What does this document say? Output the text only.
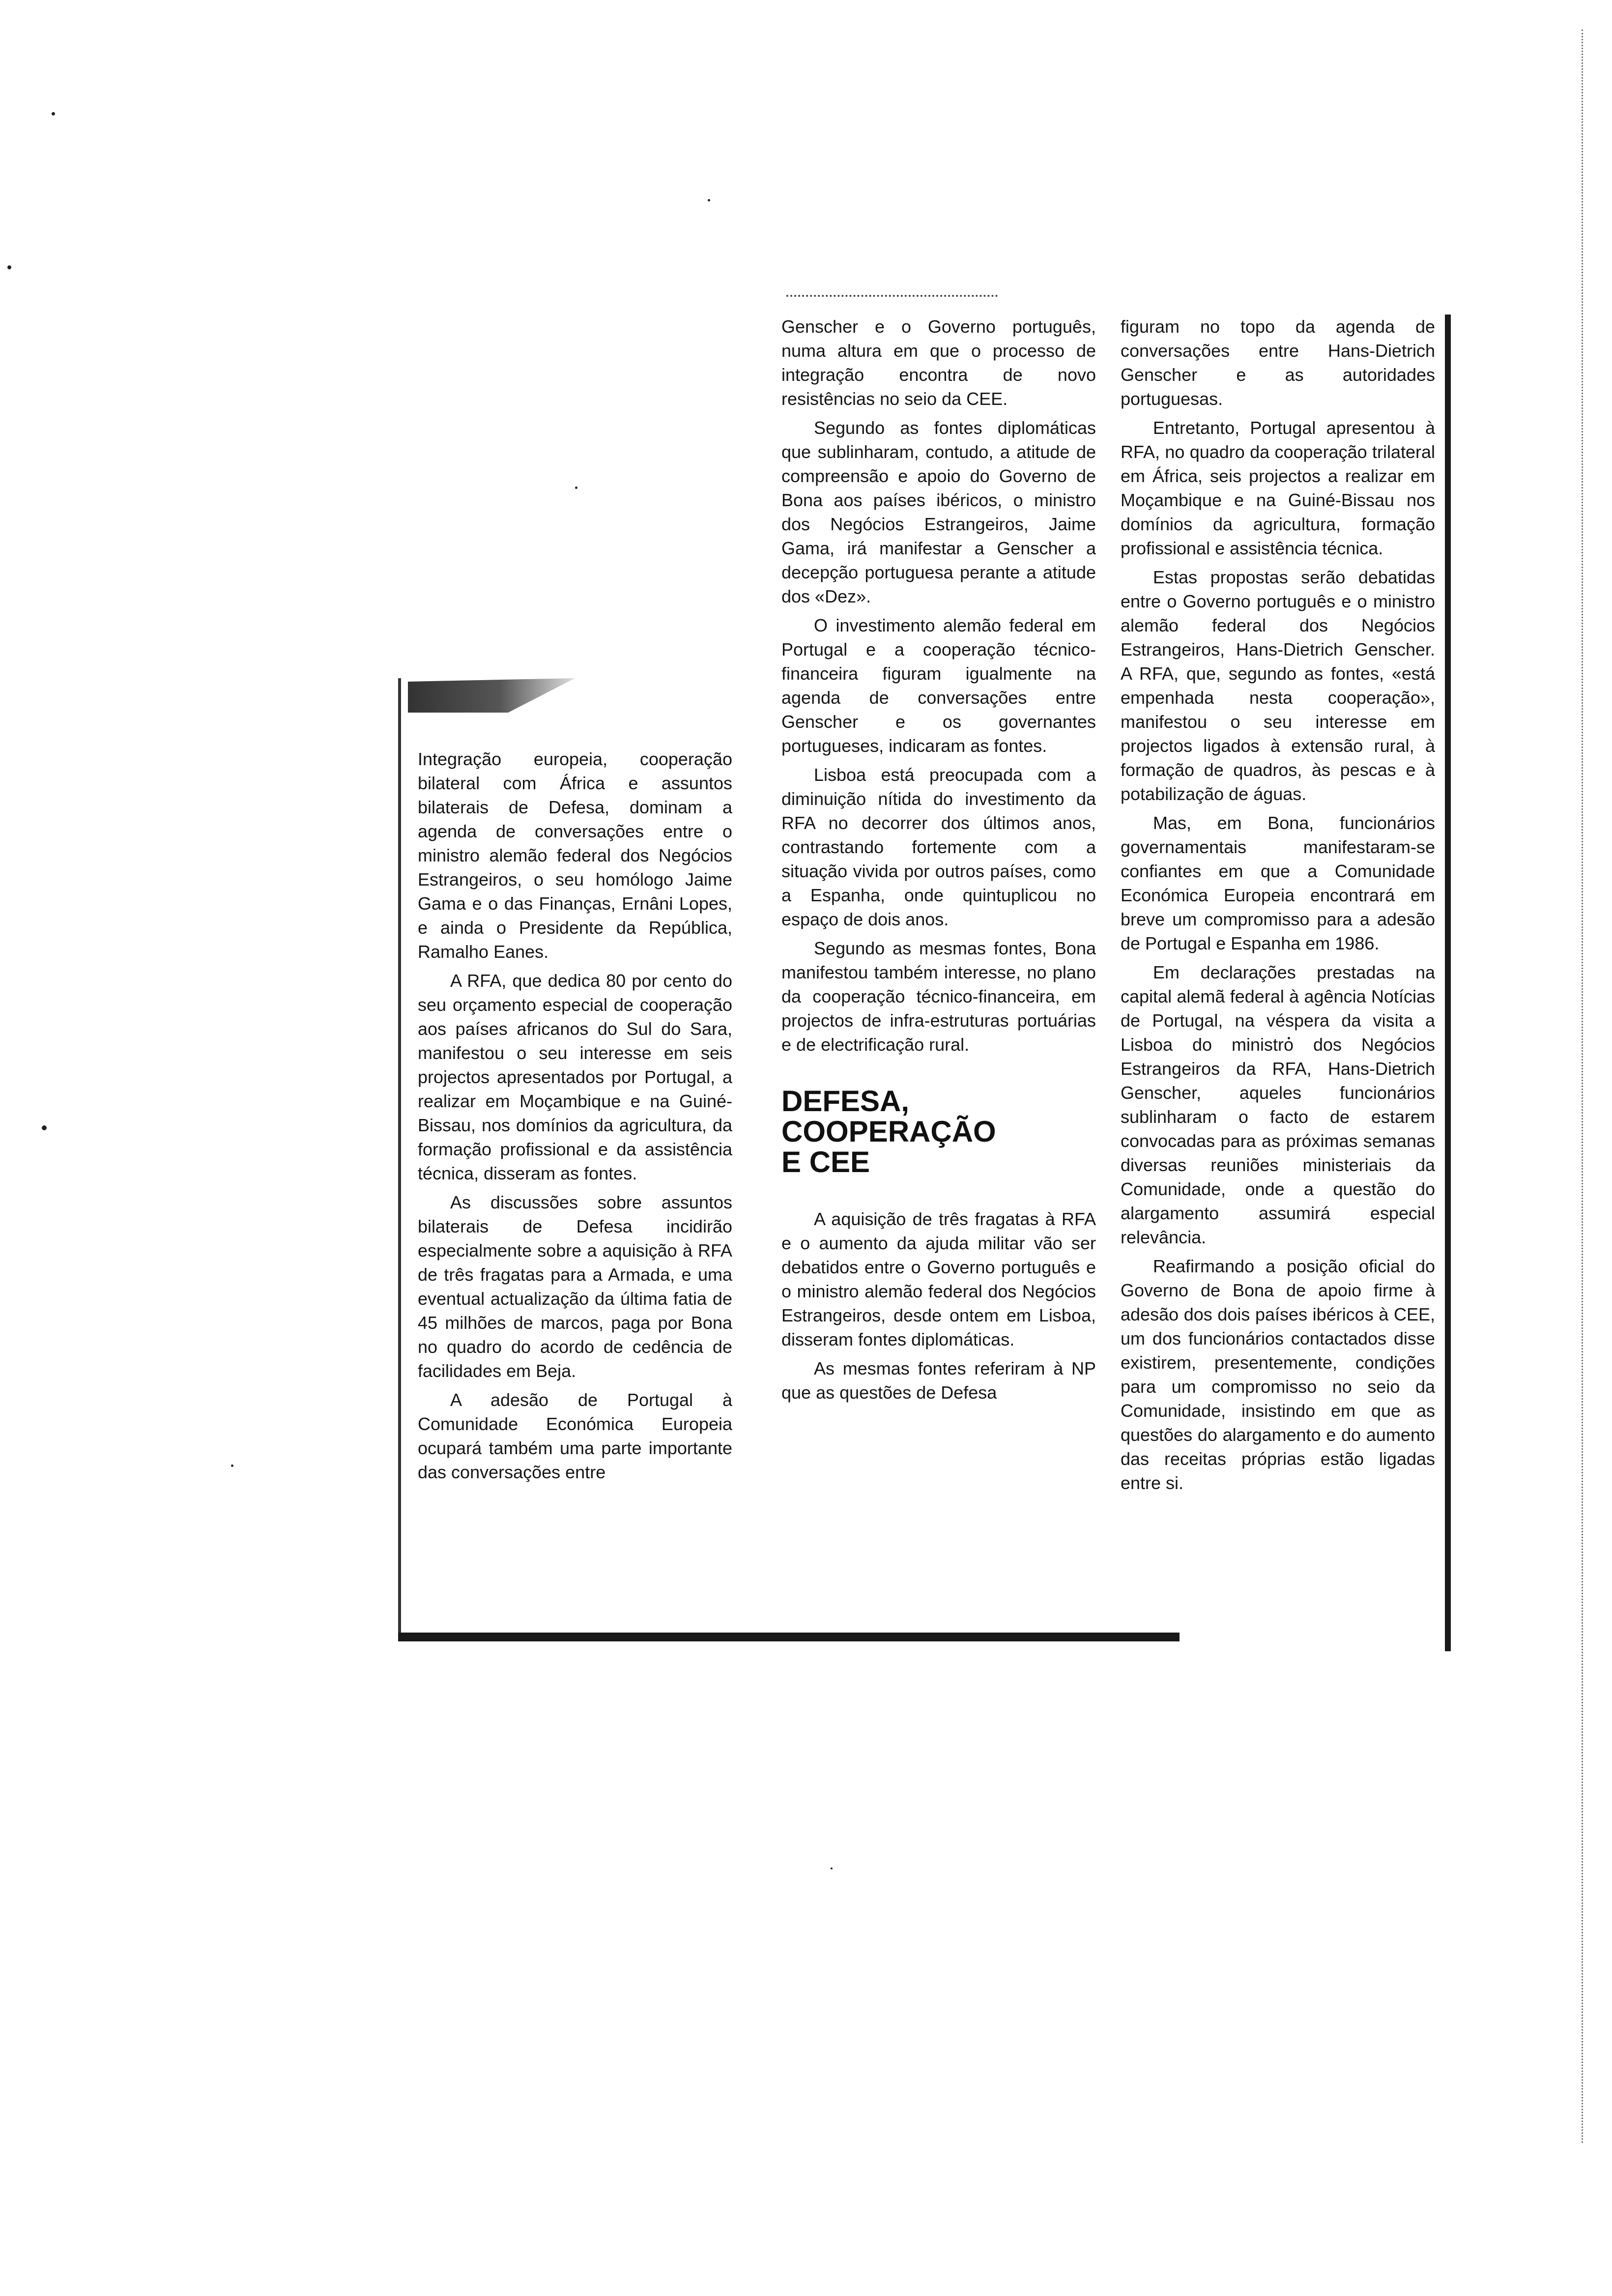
Integração europeia, cooperação bilateral com África e assuntos bilaterais de Defesa, dominam a agenda de conversações entre o ministro alemão federal dos Negócios Estrangeiros, o seu homólogo Jaime Gama e o das Finanças, Ernâni Lopes, e ainda o Presidente da República, Ramalho Eanes.

A RFA, que dedica 80 por cento do seu orçamento especial de cooperação aos países africanos do Sul do Sara, manifestou o seu interesse em seis projectos apresentados por Portugal, a realizar em Moçambique e na Guiné-Bissau, nos domínios da agricultura, da formação profissional e da assistência técnica, disseram as fontes.

As discussões sobre assuntos bilaterais de Defesa incidirão especialmente sobre a aquisição à RFA de três fragatas para a Armada, e uma eventual actualização da última fatia de 45 milhões de marcos, paga por Bona no quadro do acordo de cedência de facilidades em Beja.

A adesão de Portugal à Comunidade Económica Europeia ocupará também uma parte importante das conversações entre

Genscher e o Governo português, numa altura em que o processo de integração encontra de novo resistências no seio da CEE.

Segundo as fontes diplomáticas que sublinharam, contudo, a atitude de compreensão e apoio do Governo de Bona aos países ibéricos, o ministro dos Negócios Estrangeiros, Jaime Gama, irá manifestar a Genscher a decepção portuguesa perante a atitude dos «Dez».

O investimento alemão federal em Portugal e a cooperação técnico-financeira figuram igualmente na agenda de conversações entre Genscher e os governantes portugueses, indicaram as fontes.

Lisboa está preocupada com a diminuição nítida do investimento da RFA no decorrer dos últimos anos, contrastando fortemente com a situação vivida por outros países, como a Espanha, onde quintuplicou no espaço de dois anos.

Segundo as mesmas fontes, Bona manifestou também interesse, no plano da cooperação técnico-financeira, em projectos de infra-estruturas portuárias e de electrificação rural.

DEFESA,
COOPERAÇÃO
E CEE

A aquisição de três fragatas à RFA e o aumento da ajuda militar vão ser debatidos entre o Governo português e o ministro alemão federal dos Negócios Estrangeiros, desde ontem em Lisboa, disseram fontes diplomáticas.

As mesmas fontes referiram à NP que as questões de Defesa

figuram no topo da agenda de conversações entre Hans-Dietrich Genscher e as autoridades portuguesas.

Entretanto, Portugal apresentou à RFA, no quadro da cooperação trilateral em África, seis projectos a realizar em Moçambique e na Guiné-Bissau nos domínios da agricultura, formação profissional e assistência técnica.

Estas propostas serão debatidas entre o Governo português e o ministro alemão federal dos Negócios Estrangeiros, Hans-Dietrich Genscher. A RFA, que, segundo as fontes, «está empenhada nesta cooperação», manifestou o seu interesse em projectos ligados à extensão rural, à formação de quadros, às pescas e à potabilização de águas.

Mas, em Bona, funcionários governamentais manifestaram-se confiantes em que a Comunidade Económica Europeia encontrará em breve um compromisso para a adesão de Portugal e Espanha em 1986.

Em declarações prestadas na capital alemã federal à agência Notícias de Portugal, na véspera da visita a Lisboa do ministro dos Negócios Estrangeiros da RFA, Hans-Dietrich Genscher, aqueles funcionários sublinharam o facto de estarem convocadas para as próximas semanas diversas reuniões ministeriais da Comunidade, onde a questão do alargamento assumirá especial relevância.

Reafirmando a posição oficial do Governo de Bona de apoio firme à adesão dos dois países ibéricos à CEE, um dos funcionários contactados disse existirem, presentemente, condições para um compromisso no seio da Comunidade, insistindo em que as questões do alargamento e do aumento das receitas próprias estão ligadas entre si.
